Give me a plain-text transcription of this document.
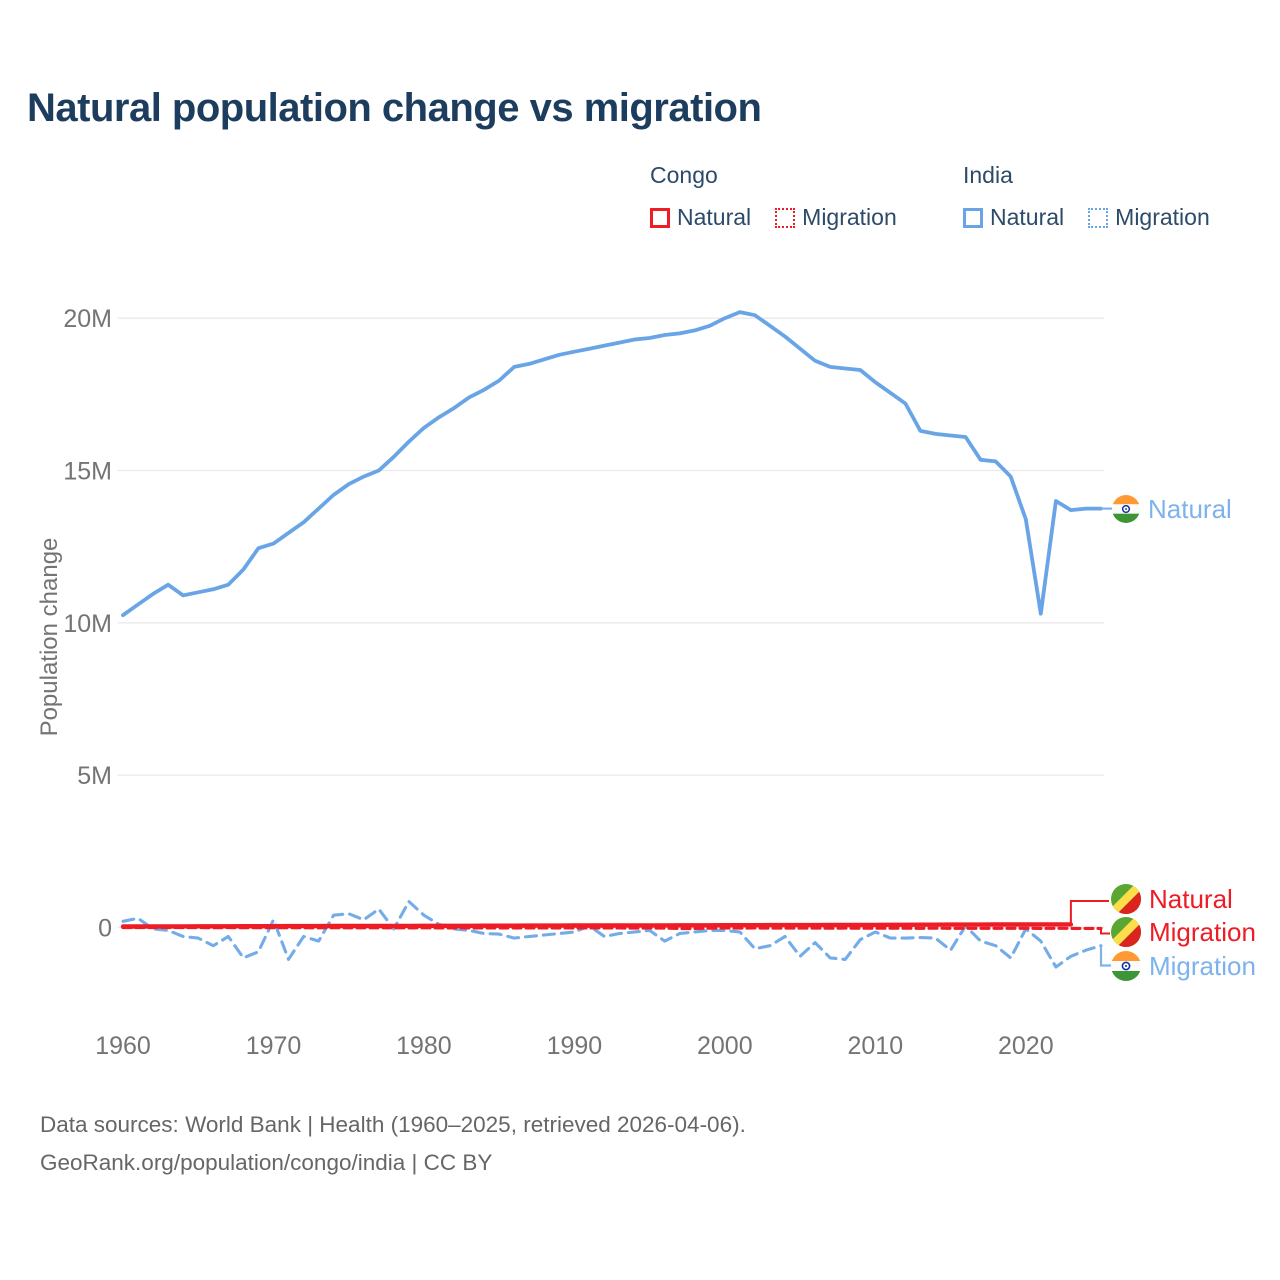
Natural population change vs migration
Congo
Natural Migration
India
Natural Migration
0
5M
10M
15M
20M
1960	1970	1980	1990	2000	2010	2020
Population change
Natural
Natural
Migration
Migration
Data sources: World Bank | Health (1960–2025, retrieved 2026-04-06).
GeoRank.org/population/congo/india | CC BY
